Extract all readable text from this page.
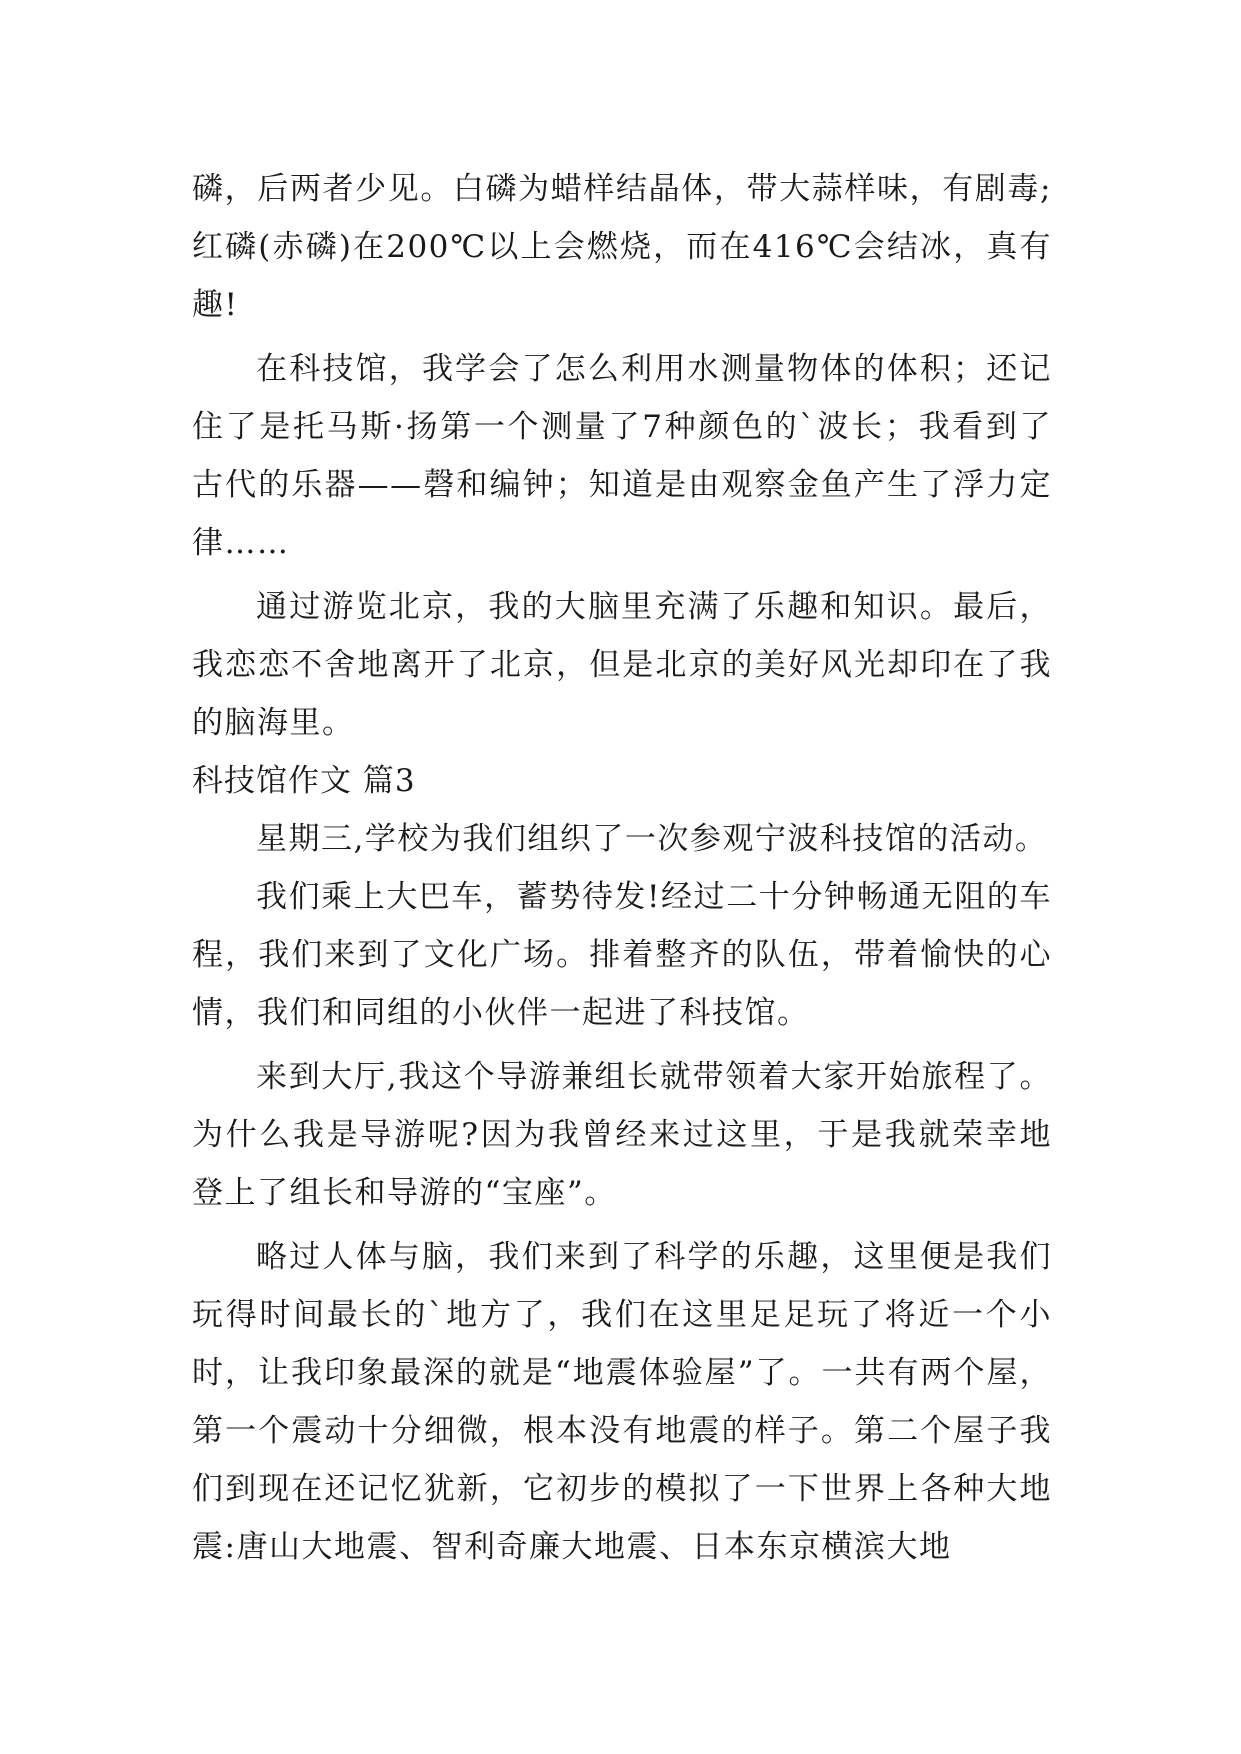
磷，后两者少见。白磷为蜡样结晶体，带大蒜样味，有剧毒;红磷(赤磷)在200℃以上会燃烧，而在416℃会结冰，真有趣!

在科技馆，我学会了怎么利用水测量物体的体积；还记住了是托马斯·扬第一个测量了7种颜色的`波长；我看到了古代的乐器——磬和编钟；知道是由观察金鱼产生了浮力定律……

通过游览北京，我的大脑里充满了乐趣和知识。最后，我恋恋不舍地离开了北京，但是北京的美好风光却印在了我的脑海里。

科技馆作文 篇3

星期三,学校为我们组织了一次参观宁波科技馆的活动。

我们乘上大巴车，蓄势待发!经过二十分钟畅通无阻的车程，我们来到了文化广场。排着整齐的队伍，带着愉快的心情，我们和同组的小伙伴一起进了科技馆。

来到大厅,我这个导游兼组长就带领着大家开始旅程了。为什么我是导游呢?因为我曾经来过这里，于是我就荣幸地登上了组长和导游的“宝座”。

略过人体与脑，我们来到了科学的乐趣，这里便是我们玩得时间最长的`地方了，我们在这里足足玩了将近一个小时，让我印象最深的就是“地震体验屋”了。一共有两个屋，第一个震动十分细微，根本没有地震的样子。第二个屋子我们到现在还记忆犹新，它初步的模拟了一下世界上各种大地震:唐山大地震、智利奇廉大地震、日本东京横滨大地
